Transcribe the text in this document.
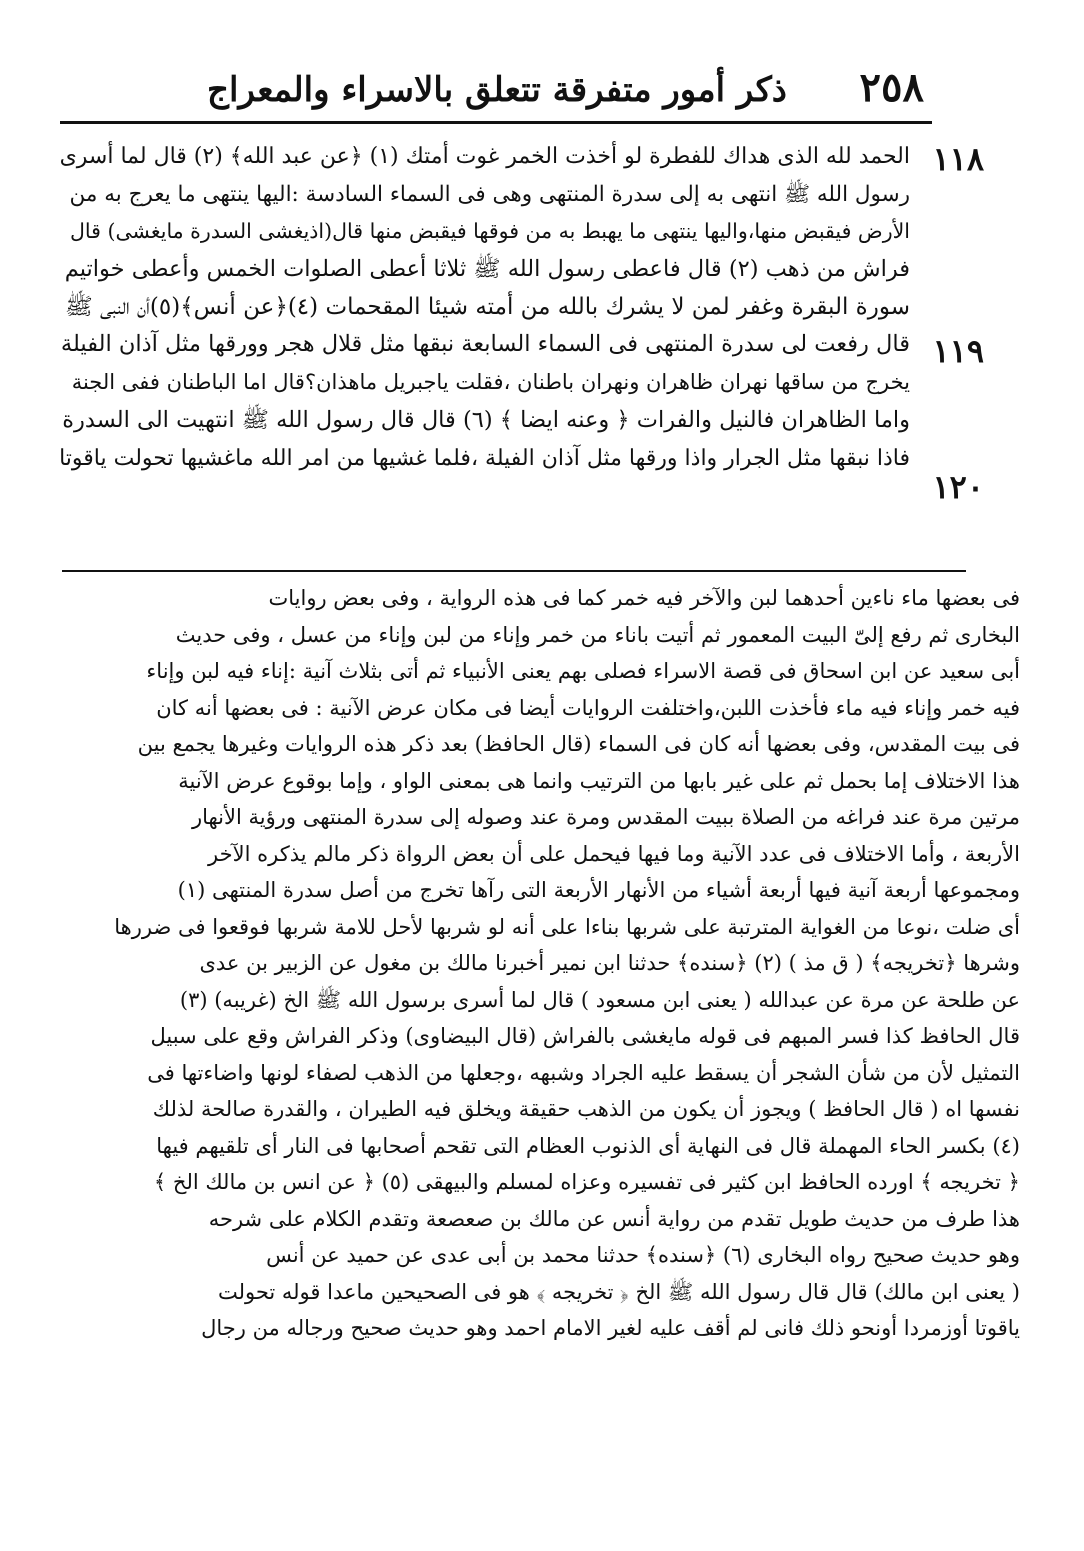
ذكر أمور متفرقة تتعلق بالاسراء والمعراج ٢٥٨
١١٨
١١٩
١٢٠
الحمد لله الذى هداك للفطرة لو أخذت الخمر غوت أمتك (١) ﴿عن عبد الله﴾ (٢) قال لما أسرى
رسول الله ﷺ انتهى به إلى سدرة المنتهى وهى فى السماء السادسة :اليها ينتهى ما يعرج به من
الأرض فيقبض منها،واليها ينتهى ما يهبط به من فوقها فيقبض منها قال(اذيغشى السدرة مايغشى) قال
فراش من ذهب (٢) قال فاعطى رسول الله ﷺ ثلاثا أعطى الصلوات الخمس وأعطى خواتيم
سورة البقرة وغفر لمن لا يشرك بالله من أمته شيئا المقحمات (٤)﴿عن أنس﴾(٥)أن النبى ﷺ
قال رفعت لى سدرة المنتهى فى السماء السابعة نبقها مثل قلال هجر وورقها مثل آذان الفيلة
يخرج من ساقها نهران ظاهران ونهران باطنان ،فقلت ياجبريل ماهذان؟قال اما الباطنان ففى الجنة
واما الظاهران فالنيل والفرات ﴿ وعنه ايضا ﴾ (٦) قال قال رسول الله ﷺ انتهيت الى السدرة
فاذا نبقها مثل الجرار واذا ورقها مثل آذان الفيلة ،فلما غشيها من امر الله ماغشيها تحولت ياقوتا
فى بعضها ماء ناءين أحدهما لبن والآخر فيه خمر كما فى هذه الرواية ، وفى بعض روايات
البخارى ثم رفع إلىّ البيت المعمور ثم أتيت باناء من خمر وإناء من لبن وإناء من عسل ، وفى حديث
أبى سعيد عن ابن اسحاق فى قصة الاسراء فصلى بهم يعنى الأنبياء ثم أتى بثلاث آنية :إناء فيه لبن وإناء
فيه خمر وإناء فيه ماء فأخذت اللبن،واختلفت الروايات أيضا فى مكان عرض الآنية : فى بعضها أنه كان
فى بيت المقدس، وفى بعضها أنه كان فى السماء (قال الحافظ) بعد ذكر هذه الروايات وغيرها يجمع بين
هذا الاختلاف إما بحمل ثم على غير بابها من الترتيب وانما هى بمعنى الواو ، وإما بوقوع عرض الآنية
مرتين مرة عند فراغه من الصلاة ببيت المقدس ومرة عند وصوله إلى سدرة المنتهى ورؤية الأنهار
الأربعة ، وأما الاختلاف فى عدد الآنية وما فيها فيحمل على أن بعض الرواة ذكر مالم يذكره الآخر
ومجموعها أربعة آنية فيها أربعة أشياء من الأنهار الأربعة التى رآها تخرج من أصل سدرة المنتهى (١)
أى ضلت ،نوعا من الغواية المترتبة على شربها بناءا على أنه لو شربها لأحل للامة شربها فوقعوا فى ضررها
وشرها ﴿تخريجه﴾ ( ق مذ ) (٢) ﴿سنده﴾ حدثنا ابن نمير أخبرنا مالك بن مغول عن الزبير بن عدى
عن طلحة عن مرة عن عبدالله ( يعنى ابن مسعود ) قال لما أسرى برسول الله ﷺ الخ (غريبه) (٣)
قال الحافظ كذا فسر المبهم فى قوله مايغشى بالفراش (قال البيضاوى) وذكر الفراش وقع على سبيل
التمثيل لأن من شأن الشجر أن يسقط عليه الجراد وشبهه ،وجعلها من الذهب لصفاء لونها واضاءتها فى
نفسها اه ( قال الحافظ ) ويجوز أن يكون من الذهب حقيقة ويخلق فيه الطيران ، والقدرة صالحة لذلك
(٤) بكسر الحاء المهملة قال فى النهاية أى الذنوب العظام التى تقحم أصحابها فى النار أى تلقيهم فيها
﴿ تخريجه ﴾ اورده الحافظ ابن كثير فى تفسيره وعزاه لمسلم والبيهقى (٥) ﴿ عن انس بن مالك الخ ﴾
هذا طرف من حديث طويل تقدم من رواية أنس عن مالك بن صعصعة وتقدم الكلام على شرحه
وهو حديث صحيح رواه البخارى (٦) ﴿سنده﴾ حدثنا محمد بن أبى عدى عن حميد عن أنس
( يعنى ابن مالك) قال قال رسول الله ﷺ الخ ﴿ تخريجه ﴾ هو فى الصحيحين ماعدا قوله تحولت
ياقوتا أوزمردا أونحو ذلك فانى لم أقف عليه لغير الامام احمد وهو حديث صحيح ورجاله من رجال
